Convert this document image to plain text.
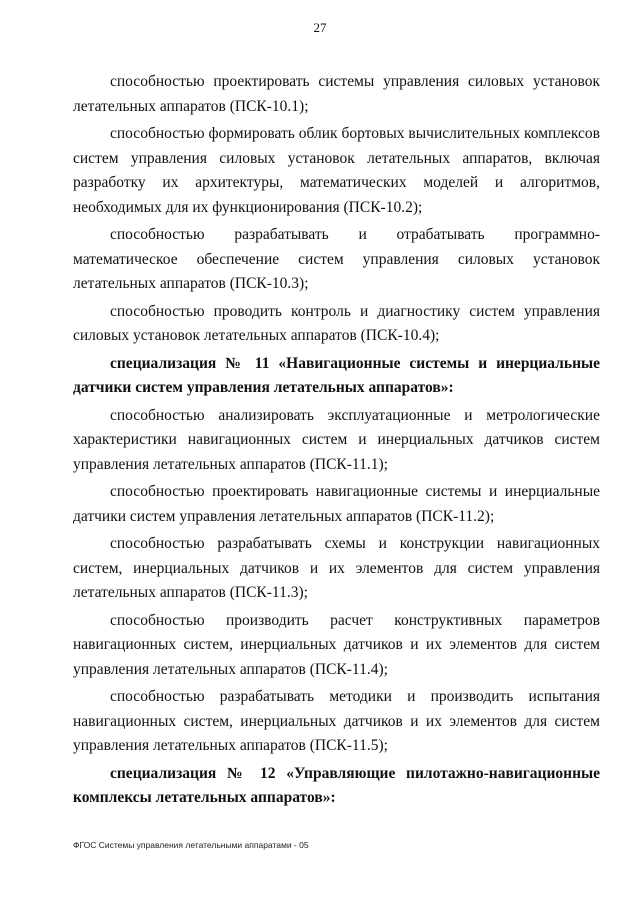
27

способностью проектировать системы управления силовых установок летательных аппаратов (ПСК-10.1);

способностью формировать облик бортовых вычислительных комплексов систем управления силовых установок летательных аппаратов, включая разработку их архитектуры, математических моделей и алгоритмов, необходимых для их функционирования (ПСК-10.2);

способностью разрабатывать и отрабатывать программно-математическое обеспечение систем управления силовых установок летательных аппаратов (ПСК-10.3);

способностью проводить контроль и диагностику систем управления силовых установок летательных аппаратов (ПСК-10.4);

специализация № 11 «Навигационные системы и инерциальные датчики систем управления летательных аппаратов»:

способностью анализировать эксплуатационные и метрологические характеристики навигационных систем и инерциальных датчиков систем управления летательных аппаратов (ПСК-11.1);

способностью проектировать навигационные системы и инерциальные датчики систем управления летательных аппаратов (ПСК-11.2);

способностью разрабатывать схемы и конструкции навигационных систем, инерциальных датчиков и их элементов для систем управления летательных аппаратов (ПСК-11.3);

способностью производить расчет конструктивных параметров навигационных систем, инерциальных датчиков и их элементов для систем управления летательных аппаратов (ПСК-11.4);

способностью разрабатывать методики и производить испытания навигационных систем, инерциальных датчиков и их элементов для систем управления летательных аппаратов (ПСК-11.5);

специализация № 12 «Управляющие пилотажно-навигационные комплексы летательных аппаратов»:

ФГОС Системы управления летательными аппаратами - 05
